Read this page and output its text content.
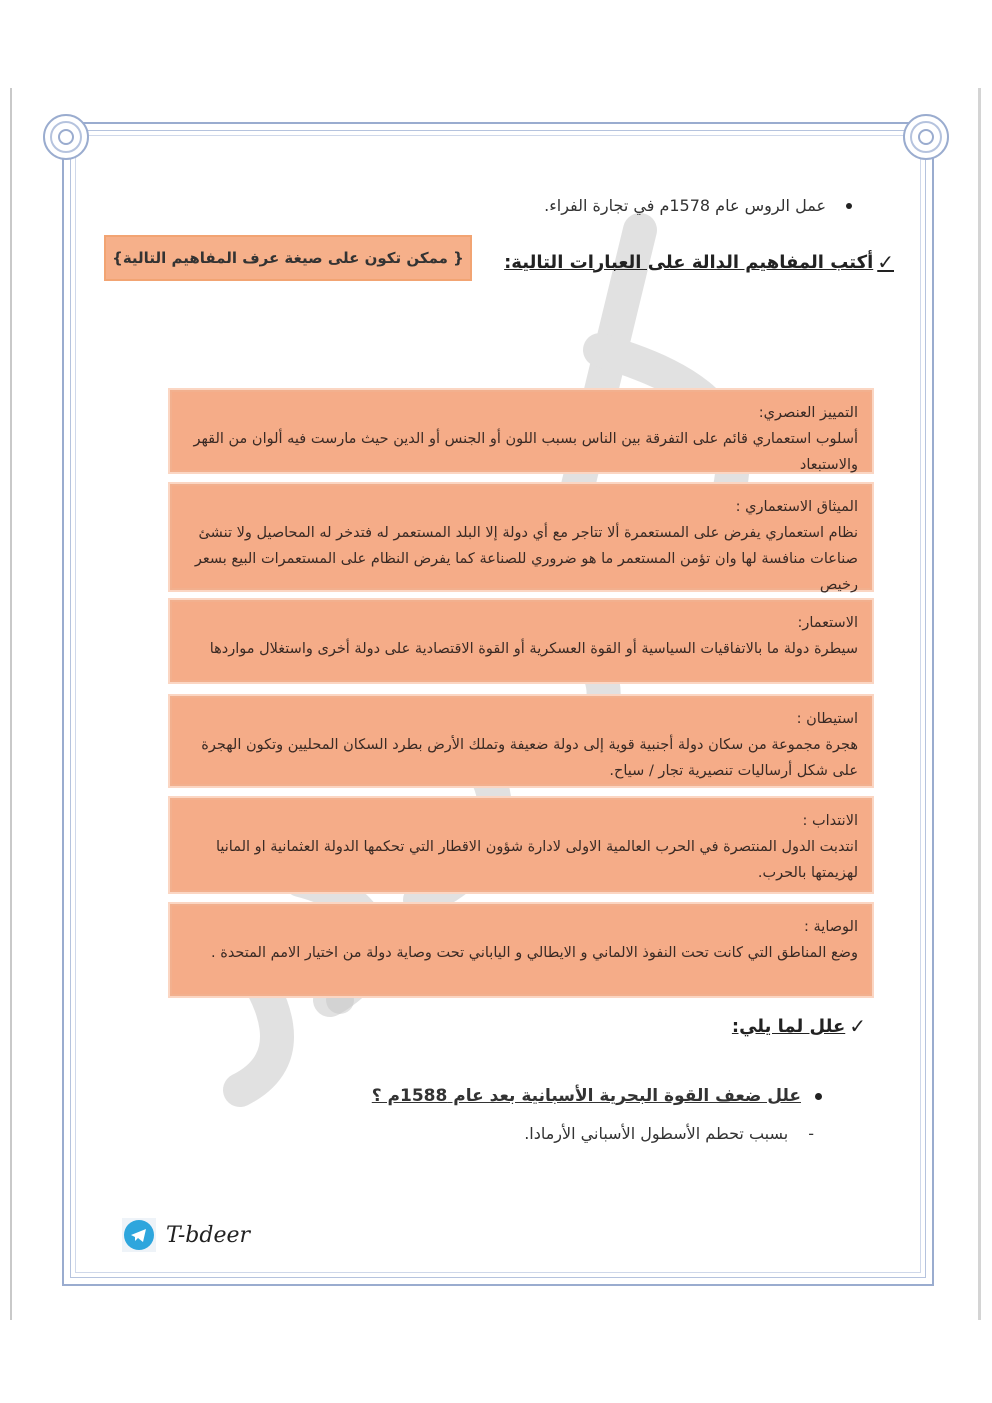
عمل الروس عام 1578م في تجارة الفراء.
✓
أكتب المفاهيم الدالة على العبارات التالية:
{ ممكن تكون على صيغة عرف المفاهيم التالية}
التمييز العنصري:
أسلوب استعماري قائم على التفرقة بين الناس بسبب اللون أو الجنس أو الدين حيث مارست فيه ألوان من القهر والاستبعاد
الميثاق الاستعماري :
نظام استعماري يفرض على المستعمرة ألا تتاجر مع أي دولة إلا البلد المستعمر له فتدخر له المحاصيل ولا تنشئ صناعات منافسة لها وان تؤمن المستعمر ما هو ضروري للصناعة كما يفرض النظام على المستعمرات البيع بسعر رخيص
الاستعمار:
سيطرة دولة ما بالاتفاقيات السياسية أو القوة العسكرية أو القوة الاقتصادية على دولة أخرى واستغلال مواردها
استيطان :
هجرة مجموعة من سكان دولة أجنبية قوية إلى دولة ضعيفة وتملك الأرض بطرد السكان المحليين وتكون الهجرة على شكل أرساليات تنصيرية تجار / سياح.
الانتداب :
انتدبت الدول المنتصرة في الحرب العالمية الاولى لادارة شؤون الاقطار التي تحكمها الدولة العثمانية او المانيا لهزيمتها بالحرب.
الوصاية :
وضع المناطق التي كانت تحت النفوذ الالماني و الايطالي و الياباني تحت وصاية دولة من اختيار الامم المتحدة .
✓
علل لما يلي:
علل ضعف القوة البحرية الأسبانية بعد عام 1588م ؟
-
بسبب تحطم الأسطول الأسباني الأرمادا.
T-bdeer
